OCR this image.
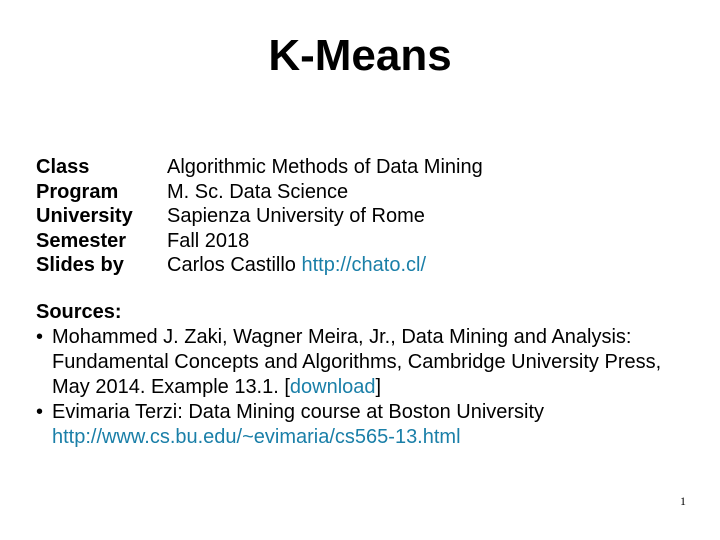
K-Means
Class	Algorithmic Methods of Data Mining
Program	M. Sc. Data Science
University	Sapienza University of Rome
Semester	Fall 2018
Slides by	Carlos Castillo http://chato.cl/
Sources:
• Mohammed J. Zaki, Wagner Meira, Jr., Data Mining and Analysis: Fundamental Concepts and Algorithms, Cambridge University Press, May 2014. Example 13.1. [download]
• Evimaria Terzi: Data Mining course at Boston University
http://www.cs.bu.edu/~evimaria/cs565-13.html
1
